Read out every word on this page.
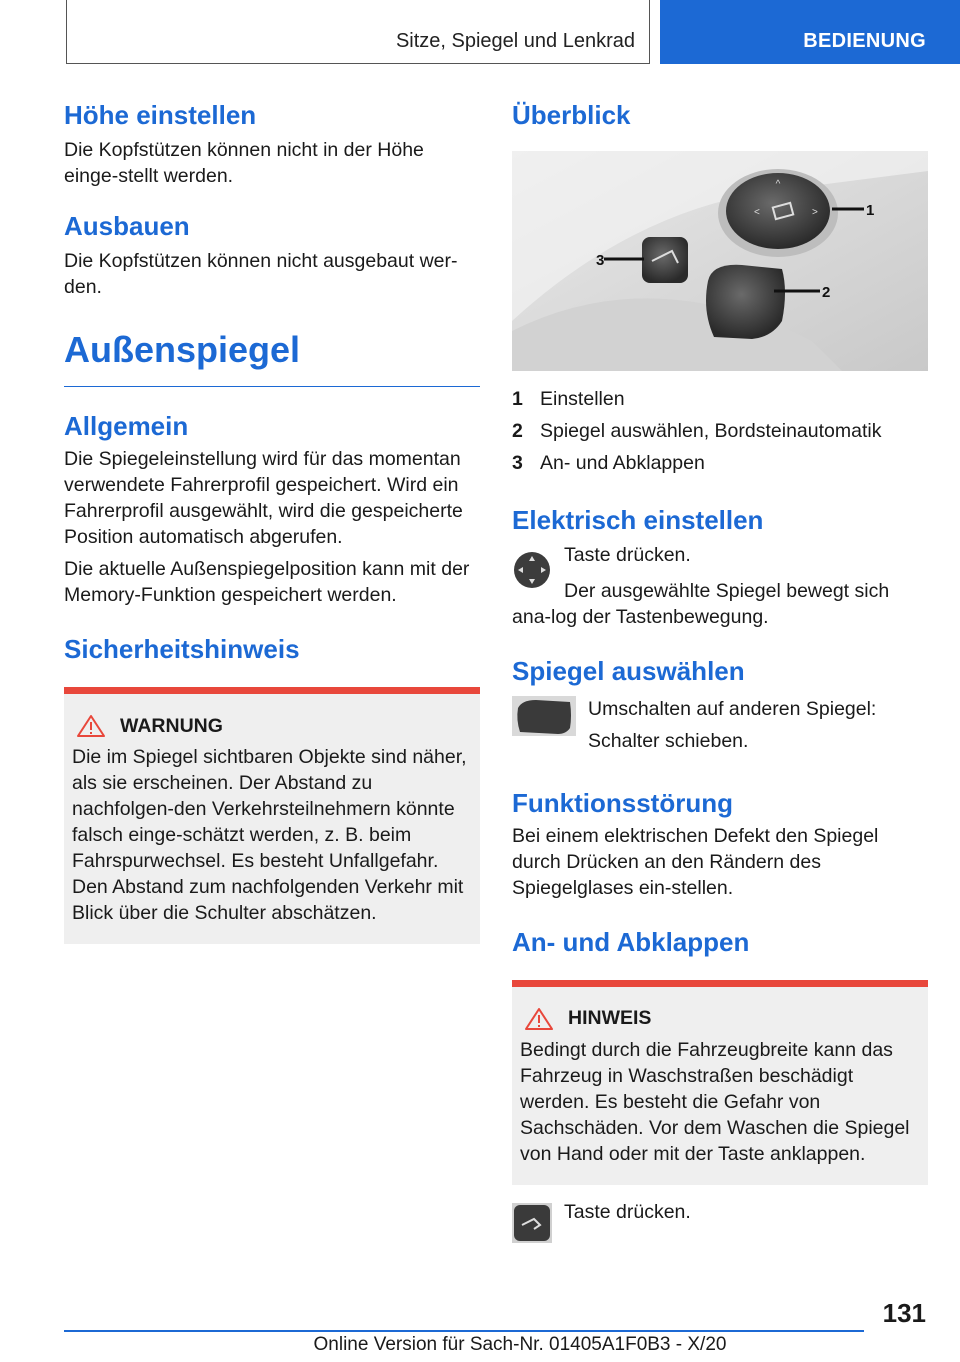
Sitze, Spiegel und Lenkrad	BEDIENUNG
Höhe einstellen

Die Kopfstützen können nicht in der Höhe einge-stellt werden.

Ausbauen

Die Kopfstützen können nicht ausgebaut wer-den.

Außenspiegel
Allgemein

Die Spiegeleinstellung wird für das momentan verwendete Fahrerprofil gespeichert. Wird ein Fahrerprofil ausgewählt, wird die gespeicherte Position automatisch abgerufen.

Die aktuelle Außenspiegelposition kann mit der Memory-Funktion gespeichert werden.

Sicherheitshinweis
WARNUNG

Die im Spiegel sichtbaren Objekte sind näher, als sie erscheinen. Der Abstand zu nachfolgen-den Verkehrsteilnehmern könnte falsch einge-schätzt werden, z. B. beim Fahrspurwechsel. Es besteht Unfallgefahr. Den Abstand zum nachfolgenden Verkehr mit Blick über die Schulter abschätzen.

Überblick
^
<	>	1
2
3
1 Einstellen
2 Spiegel auswählen, Bordsteinautomatik
3 An- und Abklappen
Elektrisch einstellen

Taste drücken.

Der ausgewählte Spiegel bewegt sich ana-log der Tastenbewegung.

Spiegel auswählen

Umschalten auf anderen Spiegel:

Schalter schieben.

Funktionsstörung

Bei einem elektrischen Defekt den Spiegel durch Drücken an den Rändern des Spiegelglases ein-stellen.

An- und Abklappen
HINWEIS

Bedingt durch die Fahrzeugbreite kann das Fahrzeug in Waschstraßen beschädigt werden. Es besteht die Gefahr von Sachschäden. Vor dem Waschen die Spiegel von Hand oder mit der Taste anklappen.

Taste drücken.

131
Online Version für Sach-Nr. 01405A1F0B3 - X/20
